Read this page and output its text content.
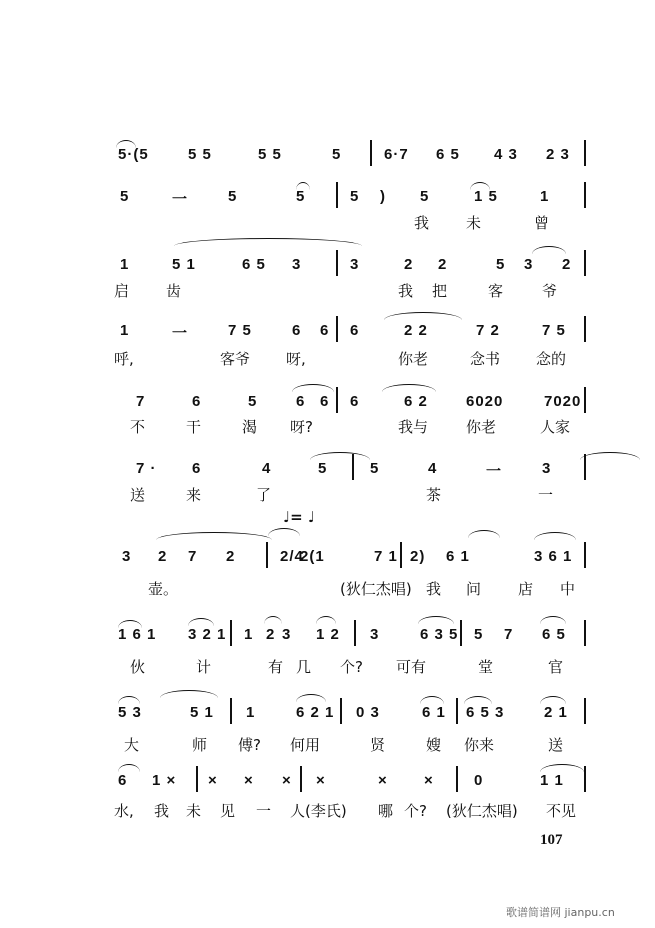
5·(5	5 5	5 5	5	6·7 6 5 4 3 2 3
5	一	5	5	5 ) 5	1 5	1
我 未	曾
1	5 1	6 5 3	3	2 2	5 3 2
启 齿	我 把	客	爷
1	一	7 5	6 6 6	2 2	7 2	7 5
呼,	客爷 呀,	你老	念书 念的
7	6	5	6 6 6	6 2	6020	7020
不	干	渴 呀?	我与	你老	人家
7 · 6	4	5	5	4	一	3
送	来	了	茶	一
3 2 7 2	2/4
2(1	7 1 2) 6 1	3 6 1
壶。	(狄仁杰唱) 我 问 店 中
1 6 1 3 2 1 1 2 3 1 2 3	6 3 5 5 7 6 5
伙	计	有 几 个? 可有	堂	官
5 3	5 1 1	6 2 1 0 3	6 1 6 5 3	2 1
大	师 傅? 何用	贤	嫂 你来	送
6 1 × × × × ×	× ×	0	1 1
水, 我 未 见 一 人(李氏) 哪 个? (狄仁杰唱) 不见
♩= ♩
107
歌谱简谱网 jianpu.cn
